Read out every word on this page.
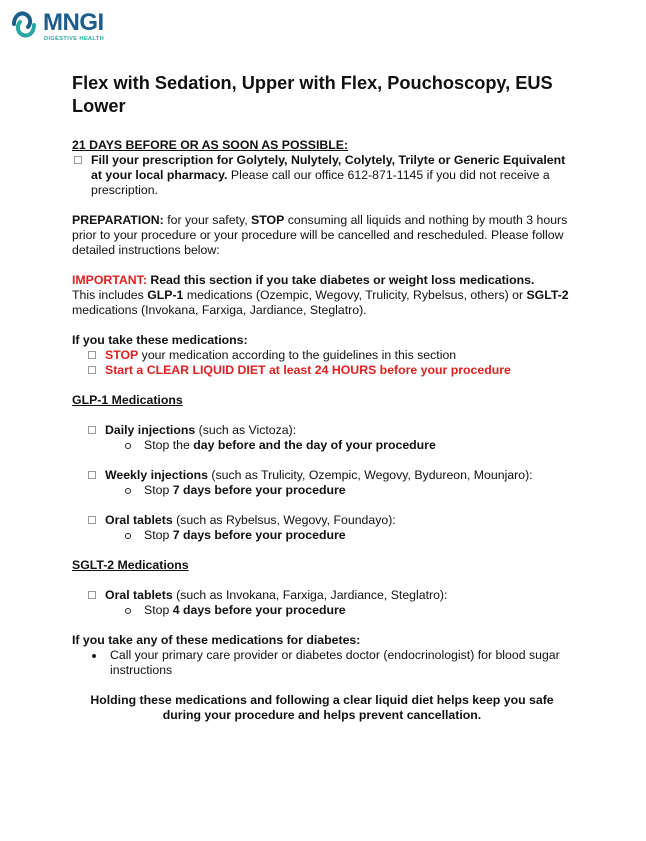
MNGI
DIGESTIVE HEALTH
Flex with Sedation, Upper with Flex, Pouchoscopy, EUS Lower

21 DAYS BEFORE OR AS SOON AS POSSIBLE:

Fill your prescription for Golytely, Nulytely, Colytely, Trilyte or Generic Equivalent at your local pharmacy. Please call our office 612-871-1145 if you did not receive a prescription.

PREPARATION: for your safety, STOP consuming all liquids and nothing by mouth 3 hours prior to your procedure or your procedure will be cancelled and rescheduled. Please follow detailed instructions below:

IMPORTANT: Read this section if you take diabetes or weight loss medications.
This includes GLP-1 medications (Ozempic, Wegovy, Trulicity, Rybelsus, others) or SGLT-2 medications (Invokana, Farxiga, Jardiance, Steglatro).

If you take these medications:

STOP your medication according to the guidelines in this section
Start a CLEAR LIQUID DIET at least 24 HOURS before your procedure

GLP-1 Medications

Daily injections (such as Victoza):
Stop the day before and the day of your procedure
Weekly injections (such as Trulicity, Ozempic, Wegovy, Bydureon, Mounjaro):
Stop 7 days before your procedure
Oral tablets (such as Rybelsus, Wegovy, Foundayo):
Stop 7 days before your procedure

SGLT-2 Medications

Oral tablets (such as Invokana, Farxiga, Jardiance, Steglatro):
Stop 4 days before your procedure

If you take any of these medications for diabetes:

Call your primary care provider or diabetes doctor (endocrinologist) for blood sugar instructions

Holding these medications and following a clear liquid diet helps keep you safe during your procedure and helps prevent cancellation.
